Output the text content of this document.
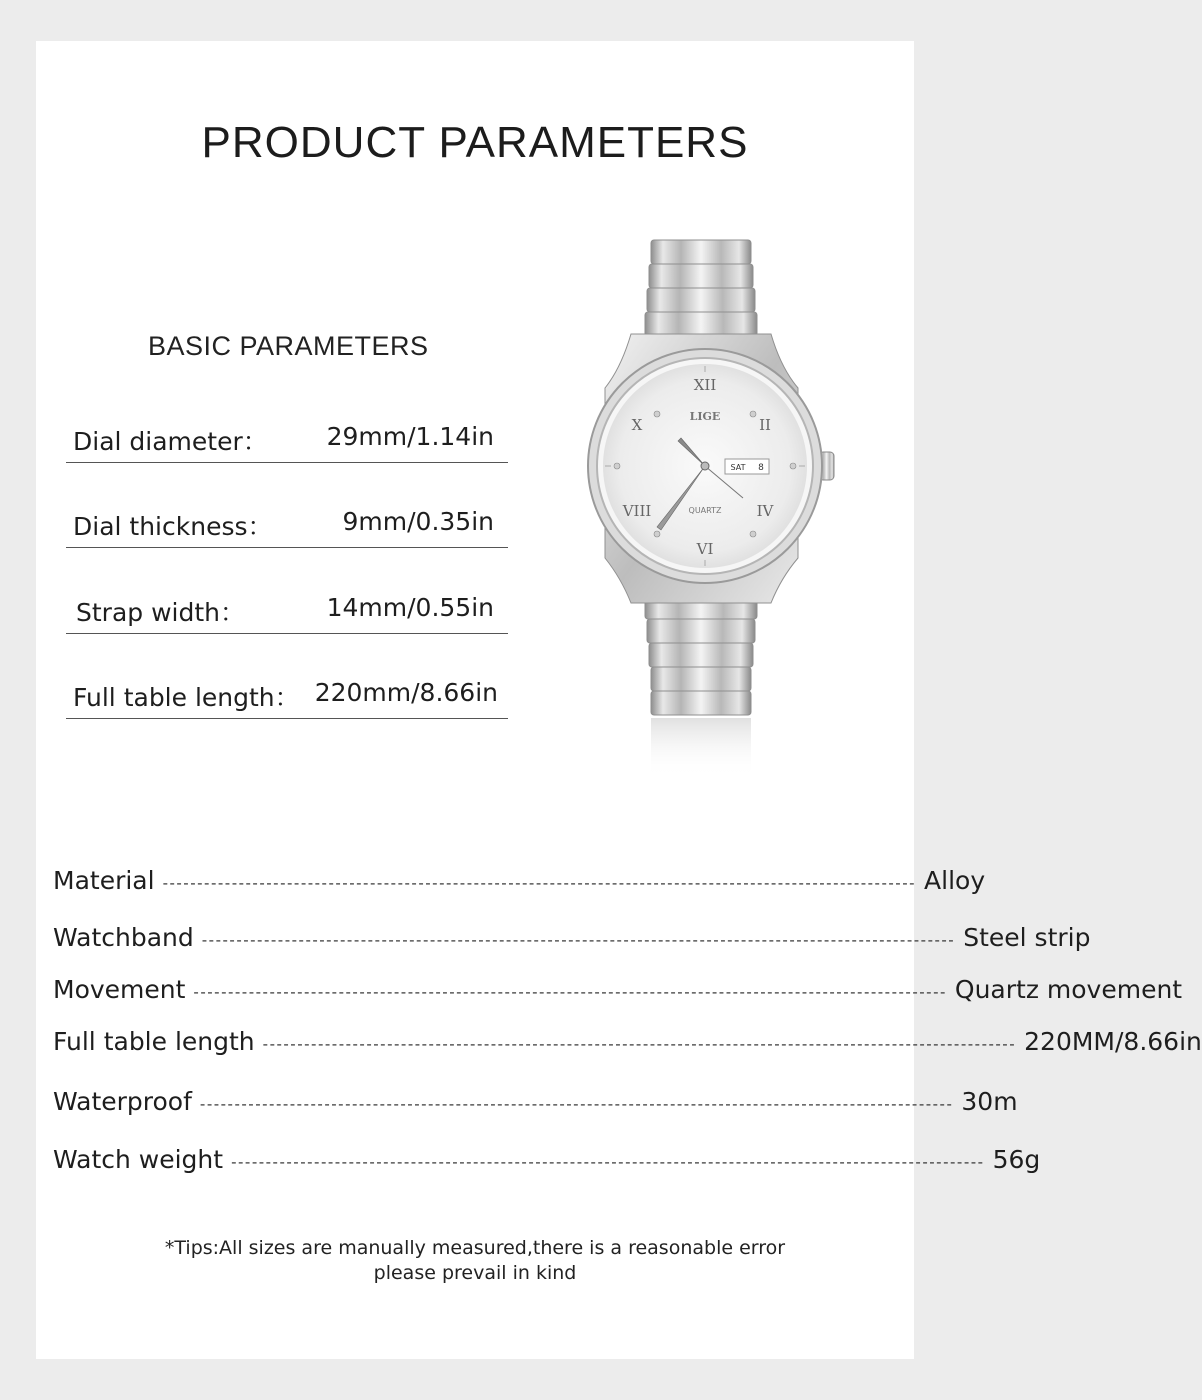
PRODUCT PARAMETERS
BASIC PARAMETERS
Dial diameter： 29mm/1.14in
Dial thickness：	9mm/0.35in
Strap width：	14mm/0.55in
Full table length： 220mm/8.66in
XII
II
IV
VI
VIII
X	LIGE
QUARTZ
SAT 8
Material ------------------------------------------------------------------------------------------------------------- Alloy
Watchband ------------------------------------------------------------------------------------------------------------- Steel strip
Movement ------------------------------------------------------------------------------------------------------------- Quartz movement
Full table length ------------------------------------------------------------------------------------------------------------- 220MM/8.66in
Waterproof ------------------------------------------------------------------------------------------------------------- 30m
Watch weight ------------------------------------------------------------------------------------------------------------- 56g
*Tips:All sizes are manually measured,there is a reasonable error
please prevail in kind
